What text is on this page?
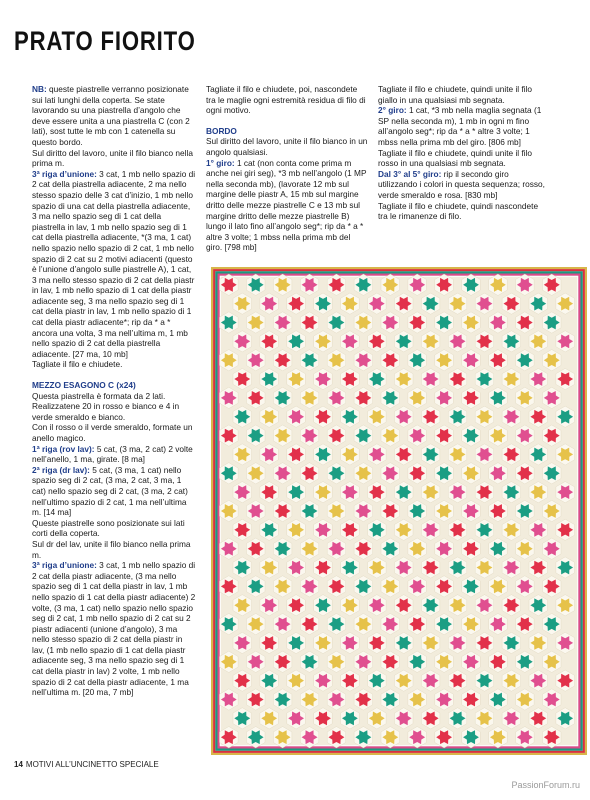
PRATO FIORITO

NB: queste piastrelle verranno posizionate sui lati lunghi della coperta. Se state lavorando su una piastrella d’angolo che deve essere unita a una piastrella C (con 2 lati), sost tutte le mb con 1 catenella su questo bordo.

Sul diritto del lavoro, unite il filo bianco nella prima m.

3ª riga d’unione: 3 cat, 1 mb nello spazio di 2 cat della piastrella adiacente, 2 ma nello stesso spazio delle 3 cat d’inizio, 1 mb nello spazio di una cat della piastrella adiacente, 3 ma nello spazio seg di 1 cat della piastrella in lav, 1 mb nello spazio seg di 1 cat della piastrella adiacente, *(3 ma, 1 cat) nello spazio nello spazio di 2 cat, 1 mb nello spazio di 2 cat su 2 motivi adiacenti (questo è l’unione d’angolo sulle piastrelle A), 1 cat, 3 ma nello stesso spazio di 2 cat della piastr in lav, 1 mb nello spazio di 1 cat della piastr adiacente seg, 3 ma nello spazio seg di 1 cat della piastr in lav, 1 mb nello spazio di 1 cat della piastr adiacente*; rip da * a * ancora una volta, 3 ma nell’ultima m, 1 mb nello spazio di 2 cat della piastrella adiacente. [27 ma, 10 mb]

Tagliate il filo e chiudete.

MEZZO ESAGONO C (x24)

Questa piastrella è formata da 2 lati.

Realizzatene 20 in rosso e bianco e 4 in verde smeraldo e bianco.

Con il rosso o il verde smeraldo, formate un anello magico.

1ª riga (rov lav): 5 cat, (3 ma, 2 cat) 2 volte nell’anello, 1 ma, girate. [8 ma]

2ª riga (dr lav): 5 cat, (3 ma, 1 cat) nello spazio seg di 2 cat, (3 ma, 2 cat, 3 ma, 1 cat) nello spazio seg di 2 cat, (3 ma, 2 cat) nell’ultimo spazio di 2 cat, 1 ma nell’ultima m. [14 ma]

Queste piastrelle sono posizionate sui lati corti della coperta.

Sul dr del lav, unite il filo bianco nella prima m.

3ª riga d’unione: 3 cat, 1 mb nello spazio di 2 cat della piastr adiacente, (3 ma nello spazio seg di 1 cat della piastr in lav, 1 mb nello spazio di 1 cat della piastr adiacente) 2 volte, (3 ma, 1 cat) nello spazio nello spazio seg di 2 cat, 1 mb nello spazio di 2 cat su 2 piastr adiacenti (unione d’angolo), 3 ma nello stesso spazio di 2 cat della piastr in lav, (1 mb nello spazio di 1 cat della piastr adiacente seg, 3 ma nello spazio seg di 1 cat della piastr in lav) 2 volte, 1 mb nello spazio di 2 cat della piastr adiacente, 1 ma nell’ultima m. [20 ma, 7 mb]

Tagliate il filo e chiudete, poi, nascondete tra le maglie ogni estremità residua di filo di ogni motivo.

BORDO

Sul diritto del lavoro, unite il filo bianco in un angolo qualsiasi.

1° giro: 1 cat (non conta come prima m anche nei giri seg), *3 mb nell’angolo (1 MP nella seconda mb), (lavorate 12 mb sul margine delle piastr A, 15 mb sul margine dritto delle mezze piastrelle C e 13 mb sul margine dritto delle mezze piastrelle B) lungo il lato fino all’angolo seg*; rip da * a * altre 3 volte; 1 mbss nella prima mb del giro. [798 mb]

Tagliate il filo e chiudete, quindi unite il filo giallo in una qualsiasi mb segnata.

2° giro: 1 cat, *3 mb nella maglia segnata (1 SP nella seconda m), 1 mb in ogni m fino all’angolo seg*; rip da * a * altre 3 volte; 1 mbss nella prima mb del giro. [806 mb]

Tagliate il filo e chiudete, quindi unite il filo rosso in una qualsiasi mb segnata.

Dal 3° al 5° giro: rip il secondo giro utilizzando i colori in questa sequenza; rosso, verde smeraldo e rosa. [830 mb]

Tagliate il filo e chiudete, quindi nascondete tra le rimanenze di filo.

14 MOTIVI ALL’UNCINETTO SPECIALE
PassionForum.ru
